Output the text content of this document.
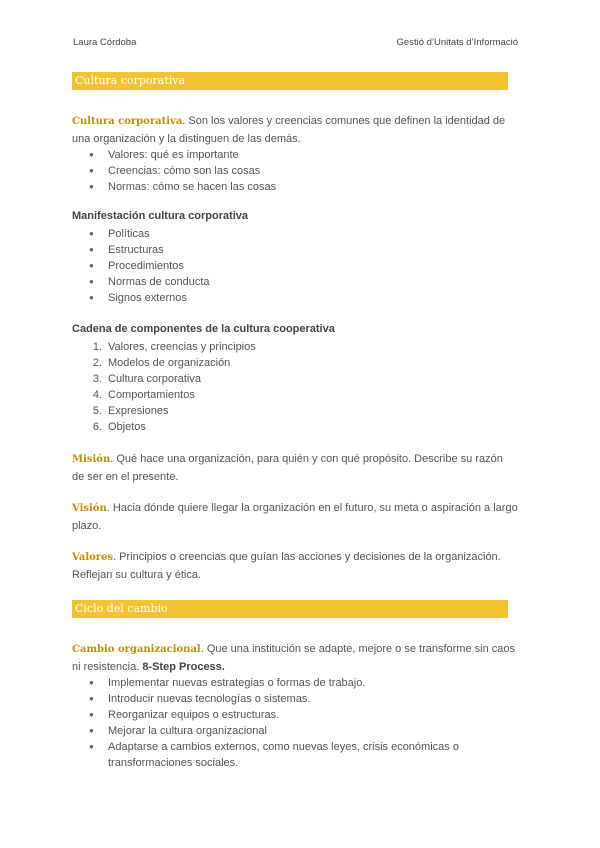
Laura Córdoba	Gestió d’Unitats d’Informació
Cultura corporativa
Cultura corporativa. Son los valores y creencias comunes que definen la identidad de una organización y la distinguen de las demás.
● Valores: qué es importante
● Creencias: cómo son las cosas
● Normas: cómo se hacen las cosas
Manifestación cultura corporativa
● Políticas
● Estructuras
● Procedimientos
● Normas de conducta
● Signos externos
Cadena de componentes de la cultura cooperativa
1. Valores, creencias y principios
2. Modelos de organización
3. Cultura corporativa
4. Comportamientos
5. Expresiones
6. Objetos
Misión. Qué hace una organización, para quién y con qué propósito. Describe su razón de ser en el presente.
Visión. Hacia dónde quiere llegar la organización en el futuro, su meta o aspiración a largo plazo.
Valores. Principios o creencias que guían las acciones y decisiones de la organización. Reflejan su cultura y ética.
Ciclo del cambio
Cambio organizacional. Que una institución se adapte, mejore o se transforme sin caos ni resistencia. 8-Step Process.
● Implementar nuevas estrategias o formas de trabajo.
● Introducir nuevas tecnologías o sistemas.
● Reorganizar equipos o estructuras.
● Mejorar la cultura organizacional
● Adaptarse a cambios externos, como nuevas leyes, crisis económicas o transformaciones sociales.
